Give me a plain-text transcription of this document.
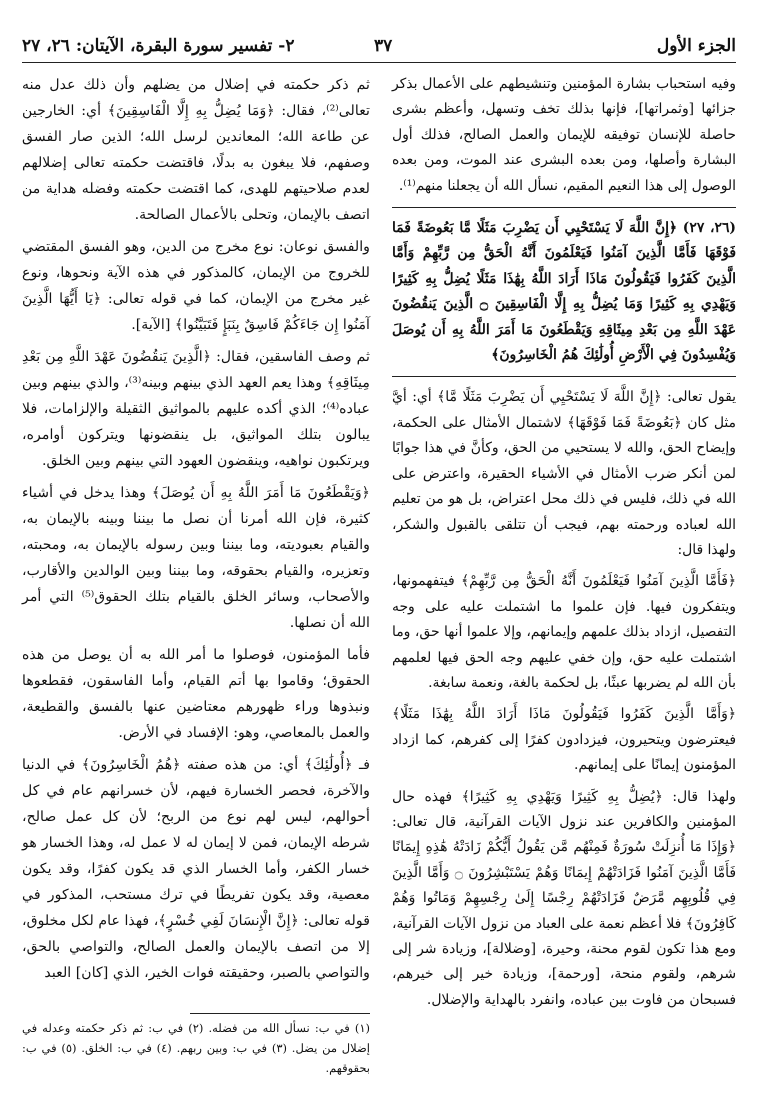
الجزء الأول
٣٧
٢- تفسير سورة البقرة، الآيتان: ٢٦، ٢٧

وفيه استحباب بشارة المؤمنين وتنشيطهم على الأعمال بذكر جزائها [وثمراتها]، فإنها بذلك تخف وتسهل، وأعظم بشرى حاصلة للإنسان توفيقه للإيمان والعمل الصالح، فذلك أول البشارة وأصلها، ومن بعده البشرى عند الموت، ومن بعده الوصول إلى هذا النعيم المقيم، نسأل الله أن يجعلنا منهم⁽¹⁾.

(٢٦، ٢٧) ﴿إِنَّ اللَّهَ لَا يَسْتَحْيِي أَن يَضْرِبَ مَثَلًا مَّا بَعُوضَةً فَمَا فَوْقَهَا فَأَمَّا الَّذِينَ آمَنُوا فَيَعْلَمُونَ أَنَّهُ الْحَقُّ مِن رَّبِّهِمْ وَأَمَّا الَّذِينَ كَفَرُوا فَيَقُولُونَ مَاذَا أَرَادَ اللَّهُ بِهَٰذَا مَثَلًا يُضِلُّ بِهِ كَثِيرًا وَيَهْدِي بِهِ كَثِيرًا وَمَا يُضِلُّ بِهِ إِلَّا الْفَاسِقِينَ ۝ الَّذِينَ يَنقُضُونَ عَهْدَ اللَّهِ مِن بَعْدِ مِيثَاقِهِ وَيَقْطَعُونَ مَا أَمَرَ اللَّهُ بِهِ أَن يُوصَلَ وَيُفْسِدُونَ فِي الْأَرْضِ أُولَٰئِكَ هُمُ الْخَاسِرُونَ﴾

يقول تعالى: ﴿إِنَّ اللَّهَ لَا يَسْتَحْيِي أَن يَضْرِبَ مَثَلًا مَّا﴾ أي: أيَّ مثل كان ﴿بَعُوضَةً فَمَا فَوْقَهَا﴾ لاشتمال الأمثال على الحكمة، وإيضاح الحق، والله لا يستحيي من الحق، وكأنَّ في هذا جوابًا لمن أنكر ضرب الأمثال في الأشياء الحقيرة، واعترض على الله في ذلك، فليس في ذلك محل اعتراض، بل هو من تعليم الله لعباده ورحمته بهم، فيجب أن تتلقى بالقبول والشكر، ولهذا قال:

﴿فَأَمَّا الَّذِينَ آمَنُوا فَيَعْلَمُونَ أَنَّهُ الْحَقُّ مِن رَّبِّهِمْ﴾ فيتفهمونها، ويتفكرون فيها. فإن علموا ما اشتملت عليه على وجه التفصيل، ازداد بذلك علمهم وإيمانهم، وإلا علموا أنها حق، وما اشتملت عليه حق، وإن خفي عليهم وجه الحق فيها لعلمهم بأن الله لم يضربها عبثًا، بل لحكمة بالغة، ونعمة سابغة.

﴿وَأَمَّا الَّذِينَ كَفَرُوا فَيَقُولُونَ مَاذَا أَرَادَ اللَّهُ بِهَٰذَا مَثَلًا﴾ فيعترضون ويتحيرون، فيزدادون كفرًا إلى كفرهم، كما ازداد المؤمنون إيمانًا على إيمانهم.

ولهذا قال: ﴿يُضِلُّ بِهِ كَثِيرًا وَيَهْدِي بِهِ كَثِيرًا﴾ فهذه حال المؤمنين والكافرين عند نزول الآيات القرآنية، قال تعالى: ﴿وَإِذَا مَا أُنزِلَتْ سُورَةٌ فَمِنْهُم مَّن يَقُولُ أَيُّكُمْ زَادَتْهُ هَٰذِهِ إِيمَانًا فَأَمَّا الَّذِينَ آمَنُوا فَزَادَتْهُمْ إِيمَانًا وَهُمْ يَسْتَبْشِرُونَ ۝ وَأَمَّا الَّذِينَ فِي قُلُوبِهِم مَّرَضٌ فَزَادَتْهُمْ رِجْسًا إِلَىٰ رِجْسِهِمْ وَمَاتُوا وَهُمْ كَافِرُونَ﴾ فلا أعظم نعمة على العباد من نزول الآيات القرآنية، ومع هذا تكون لقوم محنة، وحيرة، [وضلالة]، وزيادة شر إلى شرهم، ولقوم منحة، [ورحمة]، وزيادة خير إلى خيرهم، فسبحان من فاوت بين عباده، وانفرد بالهداية والإضلال.

ثم ذكر حكمته في إضلال من يضلهم وأن ذلك عدل منه تعالى⁽²⁾، فقال: ﴿وَمَا يُضِلُّ بِهِ إِلَّا الْفَاسِقِينَ﴾ أي: الخارجين عن طاعة الله؛ المعاندين لرسل الله؛ الذين صار الفسق وصفهم، فلا يبغون به بدلًا، فاقتضت حكمته تعالى إضلالهم لعدم صلاحيتهم للهدى، كما اقتضت حكمته وفضله هداية من اتصف بالإيمان، وتحلى بالأعمال الصالحة.

والفسق نوعان: نوع مخرج من الدين، وهو الفسق المقتضي للخروج من الإيمان، كالمذكور في هذه الآية ونحوها، ونوع غير مخرج من الإيمان، كما في قوله تعالى: ﴿يَا أَيُّهَا الَّذِينَ آمَنُوا إِن جَاءَكُمْ فَاسِقٌ بِنَبَإٍ فَتَبَيَّنُوا﴾ [الآية].

ثم وصف الفاسقين، فقال: ﴿الَّذِينَ يَنقُضُونَ عَهْدَ اللَّهِ مِن بَعْدِ مِيثَاقِهِ﴾ وهذا يعم العهد الذي بينهم وبينه⁽³⁾، والذي بينهم وبين عباده⁽⁴⁾؛ الذي أكده عليهم بالمواثيق الثقيلة والإلزامات، فلا يبالون بتلك المواثيق، بل ينقضونها ويتركون أوامره، ويرتكبون نواهيه، وينقضون العهود التي بينهم وبين الخلق.

﴿وَيَقْطَعُونَ مَا أَمَرَ اللَّهُ بِهِ أَن يُوصَلَ﴾ وهذا يدخل في أشياء كثيرة، فإن الله أمرنا أن نصل ما بيننا وبينه بالإيمان به، والقيام بعبوديته، وما بيننا وبين رسوله بالإيمان به، ومحبته، وتعزيره، والقيام بحقوقه، وما بيننا وبين الوالدين والأقارب، والأصحاب، وسائر الخلق بالقيام بتلك الحقوق⁽⁵⁾ التي أمر الله أن نصلها.

فأما المؤمنون، فوصلوا ما أمر الله به أن يوصل من هذه الحقوق؛ وقاموا بها أتم القيام، وأما الفاسقون، فقطعوها ونبذوها وراء ظهورهم معتاضين عنها بالفسق والقطيعة، والعمل بالمعاصي، وهو: الإفساد في الأرض.

فـ ﴿أُولَٰئِكَ﴾ أي: من هذه صفته ﴿هُمُ الْخَاسِرُونَ﴾ في الدنيا والآخرة، فحصر الخسارة فيهم، لأن خسرانهم عام في كل أحوالهم، ليس لهم نوع من الربح؛ لأن كل عمل صالح، شرطه الإيمان، فمن لا إيمان له لا عمل له، وهذا الخسار هو خسار الكفر، وأما الخسار الذي قد يكون كفرًا، وقد يكون معصية، وقد يكون تفريطًا في ترك مستحب، المذكور في قوله تعالى: ﴿إِنَّ الْإِنسَانَ لَفِي خُسْرٍ﴾، فهذا عام لكل مخلوق، إلا من اتصف بالإيمان والعمل الصالح، والتواصي بالحق، والتواصي بالصبر، وحقيقته فوات الخير، الذي [كان] العبد

(١) في ب: نسأل الله من فضله. (٢) في ب: ثم ذكر حكمته وعدله في إضلال من يضل. (٣) في ب: وبين ربهم. (٤) في ب: الخلق. (٥) في ب: بحقوقهم.
